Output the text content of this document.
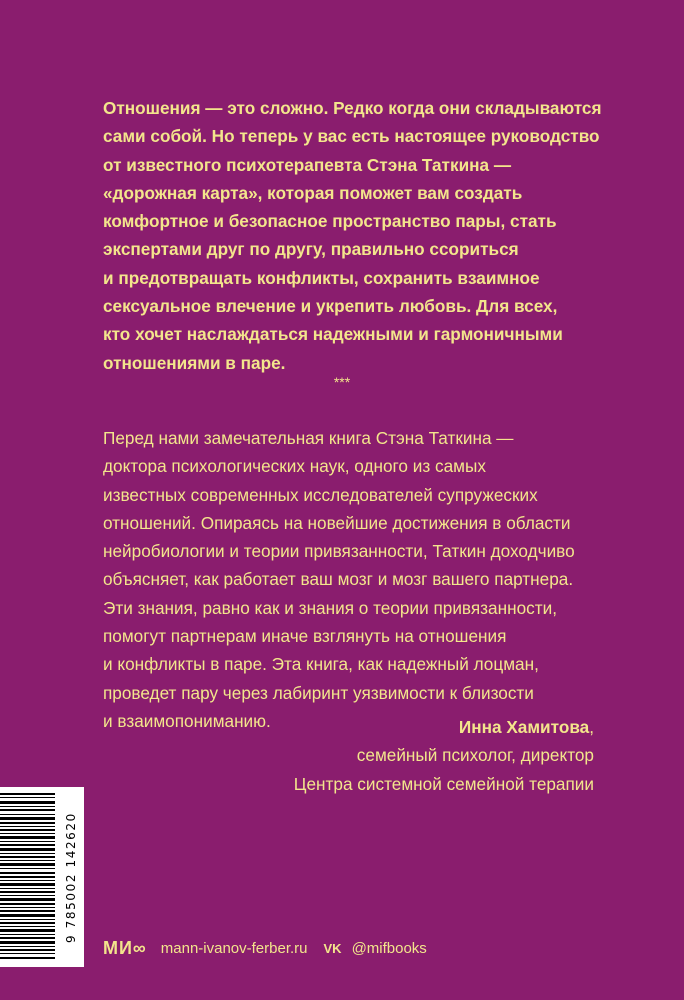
Отношения — это сложно. Редко когда они складываются
сами собой. Но теперь у вас есть настоящее руководство
от известного психотерапевта Стэна Таткина —
«дорожная карта», которая поможет вам создать
комфортное и безопасное пространство пары, стать
экспертами друг по другу, правильно ссориться
и предотвращать конфликты, сохранить взаимное
сексуальное влечение и укрепить любовь. Для всех,
кто хочет наслаждаться надежными и гармоничными
отношениями в паре.
***
Перед нами замечательная книга Стэна Таткина —
доктора психологических наук, одного из самых
известных современных исследователей супружеских
отношений. Опираясь на новейшие достижения в области
нейробиологии и теории привязанности, Таткин доходчиво
объясняет, как работает ваш мозг и мозг вашего партнера.
Эти знания, равно как и знания о теории привязанности,
помогут партнерам иначе взглянуть на отношения
и конфликты в паре. Эта книга, как надежный лоцман,
проведет пару через лабиринт уязвимости к близости
и взаимопониманию.	Инна Хамитова,
семейный психолог, директор
Центра системной семейной терапии
9 785002 142620
МИ∞ mann-ivanov-ferber.ru VK @mifbooks
